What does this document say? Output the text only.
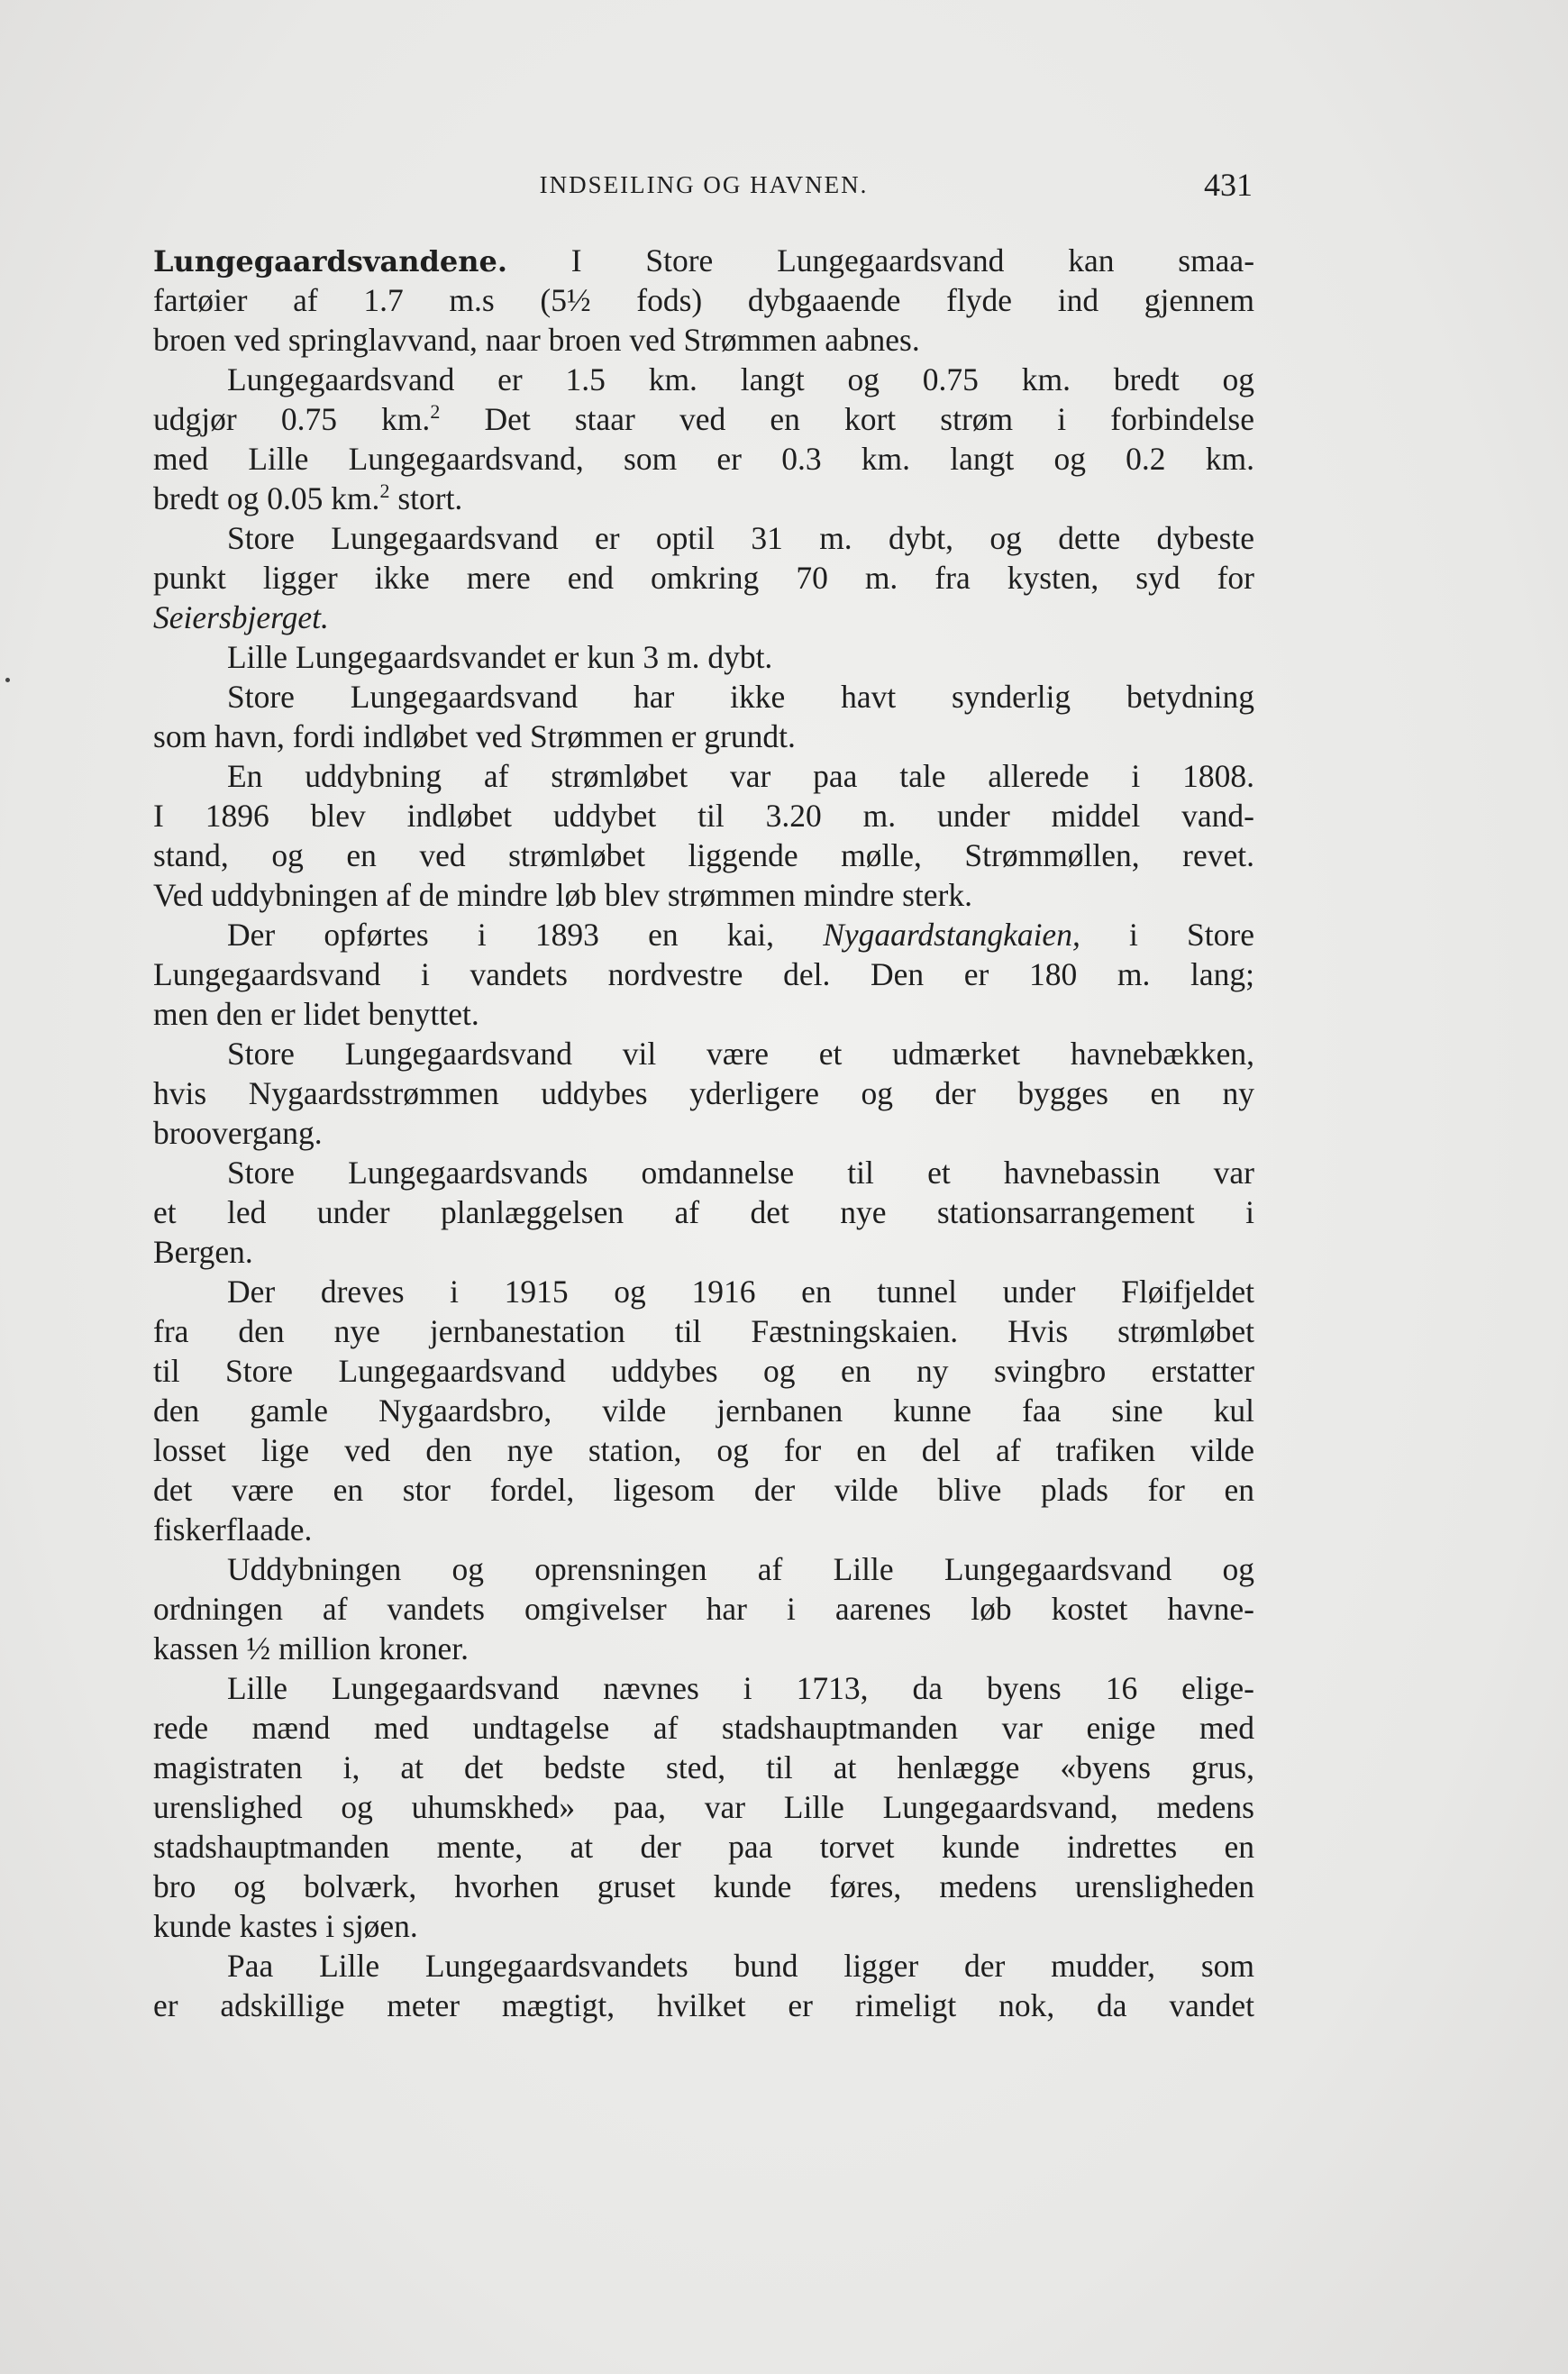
INDSEILING OG HAVNEN.	431
Lungegaardsvandene. I Store Lungegaardsvand kan smaa-
fartøier af 1.7 m.s (5½ fods) dybgaaende flyde ind gjennem
broen ved springlavvand, naar broen ved Strømmen aabnes.
Lungegaardsvand er 1.5 km. langt og 0.75 km. bredt og
udgjør 0.75 km.$^2$ Det staar ved en kort strøm i forbindelse
med Lille Lungegaardsvand, som er 0.3 km. langt og 0.2 km.
bredt og 0.05 km.$^2$ stort.
Store Lungegaardsvand er optil 31 m. dybt, og dette dybeste
punkt ligger ikke mere end omkring 70 m. fra kysten, syd for
Seiersbjerget.
Lille Lungegaardsvandet er kun 3 m. dybt.
Store Lungegaardsvand har ikke havt synderlig betydning
som havn, fordi indløbet ved Strømmen er grundt.
En uddybning af strømløbet var paa tale allerede i 1808.
I 1896 blev indløbet uddybet til 3.20 m. under middel vand-
stand, og en ved strømløbet liggende mølle, Strømmøllen, revet.
Ved uddybningen af de mindre løb blev strømmen mindre sterk.
Der opførtes i 1893 en kai, Nygaardstangkaien, i Store
Lungegaardsvand i vandets nordvestre del. Den er 180 m. lang;
men den er lidet benyttet.
Store Lungegaardsvand vil være et udmærket havnebækken,
hvis Nygaardsstrømmen uddybes yderligere og der bygges en ny
broovergang.
Store Lungegaardsvands omdannelse til et havnebassin var
et led under planlæggelsen af det nye stationsarrangement i
Bergen.
Der dreves i 1915 og 1916 en tunnel under Fløifjeldet
fra den nye jernbanestation til Fæstningskaien. Hvis strømløbet
til Store Lungegaardsvand uddybes og en ny svingbro erstatter
den gamle Nygaardsbro, vilde jernbanen kunne faa sine kul
losset lige ved den nye station, og for en del af trafiken vilde
det være en stor fordel, ligesom der vilde blive plads for en
fiskerflaade.
Uddybningen og oprensningen af Lille Lungegaardsvand og
ordningen af vandets omgivelser har i aarenes løb kostet havne-
kassen ½ million kroner.
Lille Lungegaardsvand nævnes i 1713, da byens 16 elige-
rede mænd med undtagelse af stadshauptmanden var enige med
magistraten i, at det bedste sted, til at henlægge «byens grus,
urenslighed og uhumskhed» paa, var Lille Lungegaardsvand, medens
stadshauptmanden mente, at der paa torvet kunde indrettes en
bro og bolværk, hvorhen gruset kunde føres, medens urensligheden
kunde kastes i sjøen.
Paa Lille Lungegaardsvandets bund ligger der mudder, som
er adskillige meter mægtigt, hvilket er rimeligt nok, da vandet
